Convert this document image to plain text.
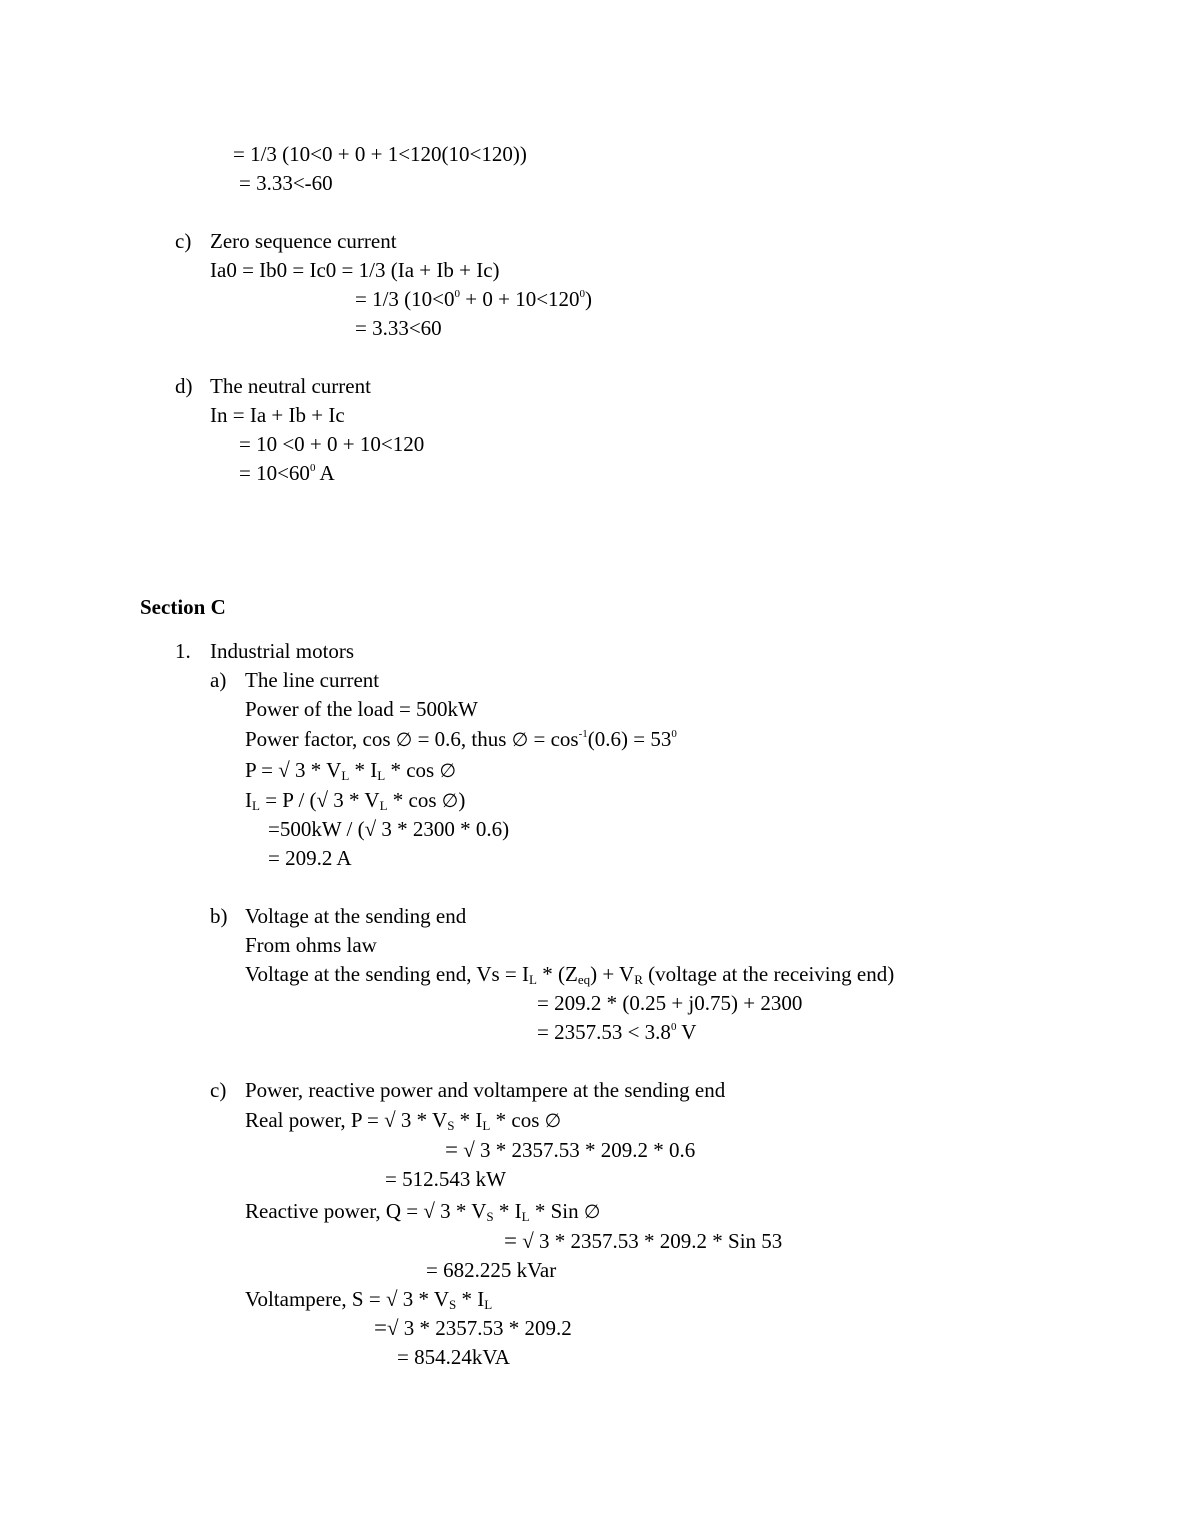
= 1/3 (10<0 + 0 + 1<120(10<120))
= 3.33<-60
c) Zero sequence current
Ia0 = Ib0 = Ic0 = 1/3 (Ia + Ib + Ic)
= 1/3 $(10<0^0 + 0 + 10<120^0)$
= 3.33<60
d) The neutral current
In = Ia + Ib + Ic
= 10 <0 + 0 + 10<120
= $10<60^0$ A
Section C
1. Industrial motors
a) The line current
Power of the load = 500kW
Power factor, cos ∅ = 0.6, thus ∅ = $\cos^{-1}(0.6) = 53^0$
P = √ $3 * V_L * I_L$ * cos ∅
$I_L = P$ / (√ $3 * V_L$ * cos ∅)
=500kW / (√ 3 * 2300 * 0.6)
= 209.2 A
b) Voltage at the sending end
From ohms law
Voltage at the sending end, $Vs = I_L * (Z_{eq}) + V_R$ (voltage at the receiving end)
= 209.2 * (0.25 + j0.75) + 2300
= $2357.53 < 3.8^0$ V
c) Power, reactive power and voltampere at the sending end
Real power, P = √ $3 * V_S * I_L$ * cos ∅
= √ 3 * 2357.53 * 209.2 * 0.6
= 512.543 kW
Reactive power, Q = √ $3 * V_S * I_L$ * Sin ∅
= √ 3 * 2357.53 * 209.2 * Sin 53
= 682.225 kVar
Voltampere, S = √ $3 * V_S * I_L$
=√ 3 * 2357.53 * 209.2
= 854.24kVA
